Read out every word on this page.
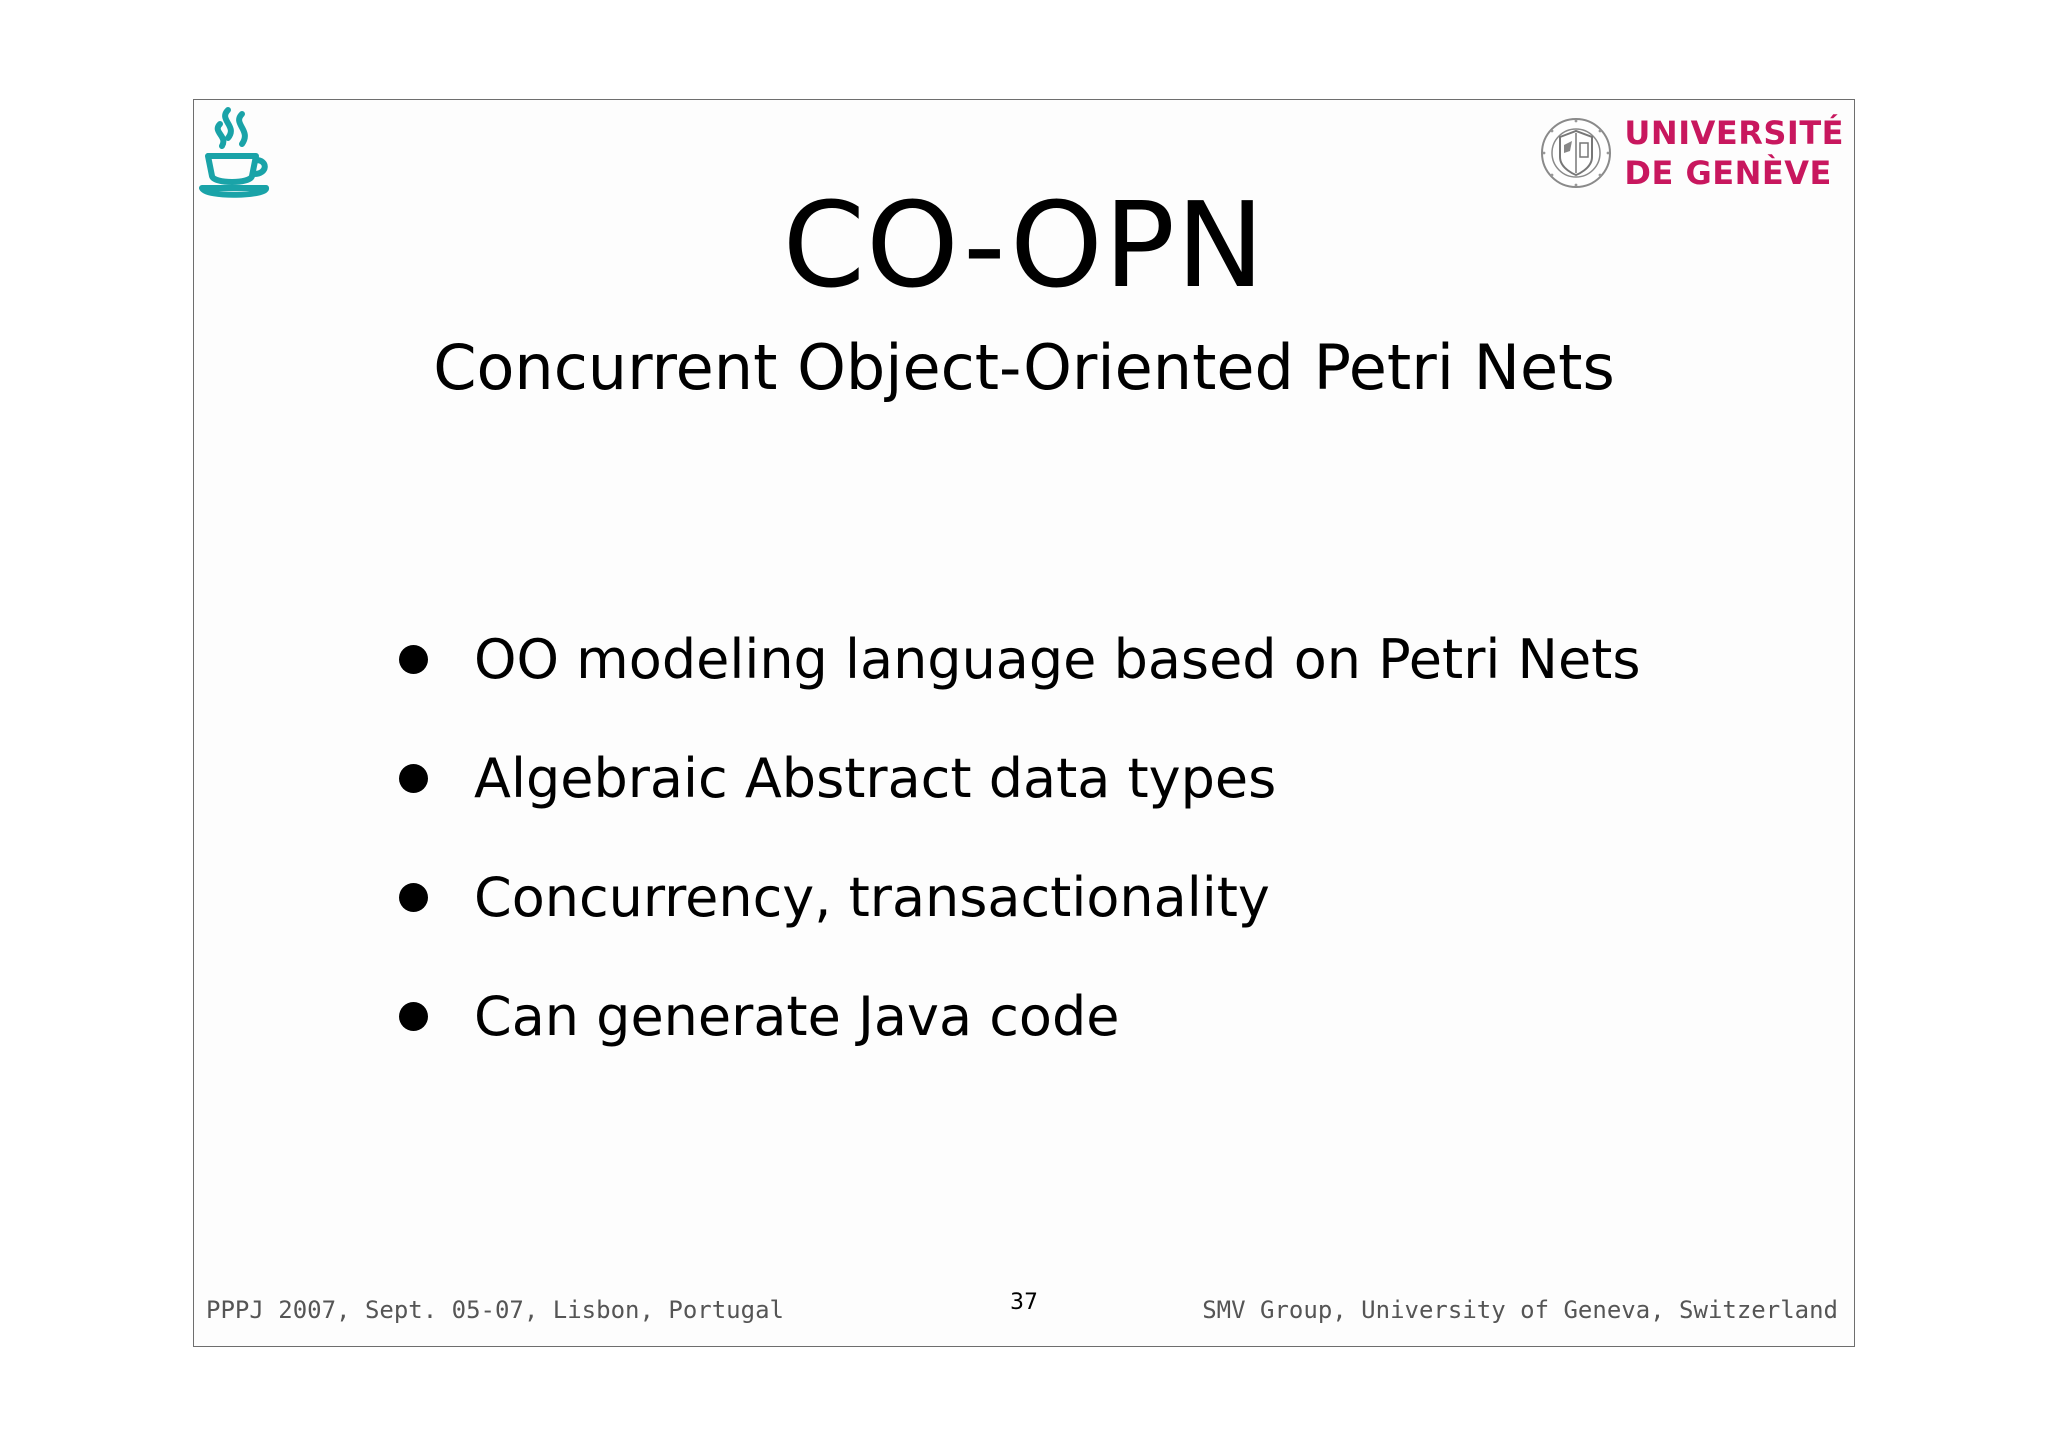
UNIVERSITÉ
DE GENÈVE
CO-OPN
Concurrent Object-Oriented Petri Nets
OO modeling language based on Petri Nets
Algebraic Abstract data types
Concurrency, transactionality
Can generate Java code
PPPJ 2007, Sept. 05-07, Lisbon, Portugal	37	SMV Group, University of Geneva, Switzerland
